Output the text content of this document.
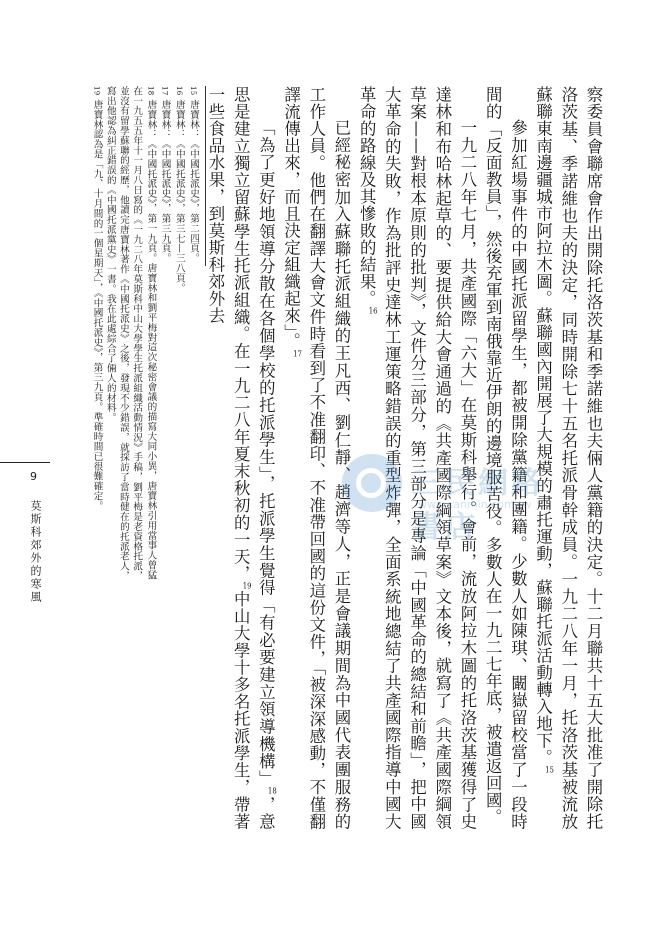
察委員會聯席會作出開除托洛茨基和季諾維也夫倆人黨籍的決定。十二月聯共十五大批准了開除托洛茨基、季諾維也夫的決定，同時開除七十五名托派骨幹成員。一九二八年一月，托洛茨基被流放蘇聯東南邊疆城市阿拉木圖。蘇聯國內開展了大規模的肅托運動，蘇聯托派活動轉入地下。$^{15}$

參加紅場事件的中國托派留學生，都被開除黨籍和團籍。少數人如陳琪、闞嶽留校當了一段時間的「反面教員」，然後充軍到南俄靠近伊朗的邊境服苦役。多數人在一九二七年底，被遣返回國。

一九二八年七月，共產國際「六大」在莫斯科舉行。會前，流放阿拉木圖的托洛茨基獲得了史達林和布哈林起草的、要提供給大會通過的《共產國際綱領草案》文本後，就寫了《共產國際綱領草案——對根本原則的批判》，文件分三部分，第三部分是專論「中國革命的總結和前瞻」，把中國大革命的失敗，作為批評史達林工運策略錯誤的重型炸彈，全面系統地總結了共產國際指導中國大革命的路線及其慘敗的結果。$^{16}$

已經秘密加入蘇聯托派組織的王凡西、劉仁靜、趙濟等人，正是會議期間為中國代表團服務的工作人員。他們在翻譯大會文件時看到了不准翻印、不准帶回國的這份文件，「被深深感動，不僅翻譯流傳出來，而且決定組織起來」。$^{17}$

「為了更好地領導分散在各個學校的托派學生」，托派學生覺得「有必要建立領導機構」$^{18}$，意思是建立獨立留蘇學生托派組織。在一九二八年夏末秋初的一天，$^{19}$中山大學十多名托派學生，帶著一些食品水果，到莫斯科郊外去

15唐寶林：《中國托派史》，第二四頁。

16唐寶林：《中國托派史》，第三七—三八頁。

17唐寶林：《中國托派史》，第三九頁。

18唐寶林：《中國托派史》，第一九頁。唐寶林和劉平梅對這次秘密會議的描寫大同小異，唐寶林引用當事人曾猛在一九五五年十一月八日寫的《一九二八年莫斯科中山大學學生托派組織活動情況》手稿，劉平梅是老資格托派，並沒有留學蘇聯的經歷，他讀完唐寶林著作《中國托派史》之後，發現不少錯誤，就採訪了當時健在的托派老人，寫出他認為糾正錯誤的《中國托派黨史》一書。我在此處綜合了倆人的材料。

19唐寶林認為是「九、十月間的一個星期天」，《中國托派史》，第三九頁。準確時間已很難確定。

9
莫斯科郊外的寒風
三民網路書店
www.sanmin.com.tw
